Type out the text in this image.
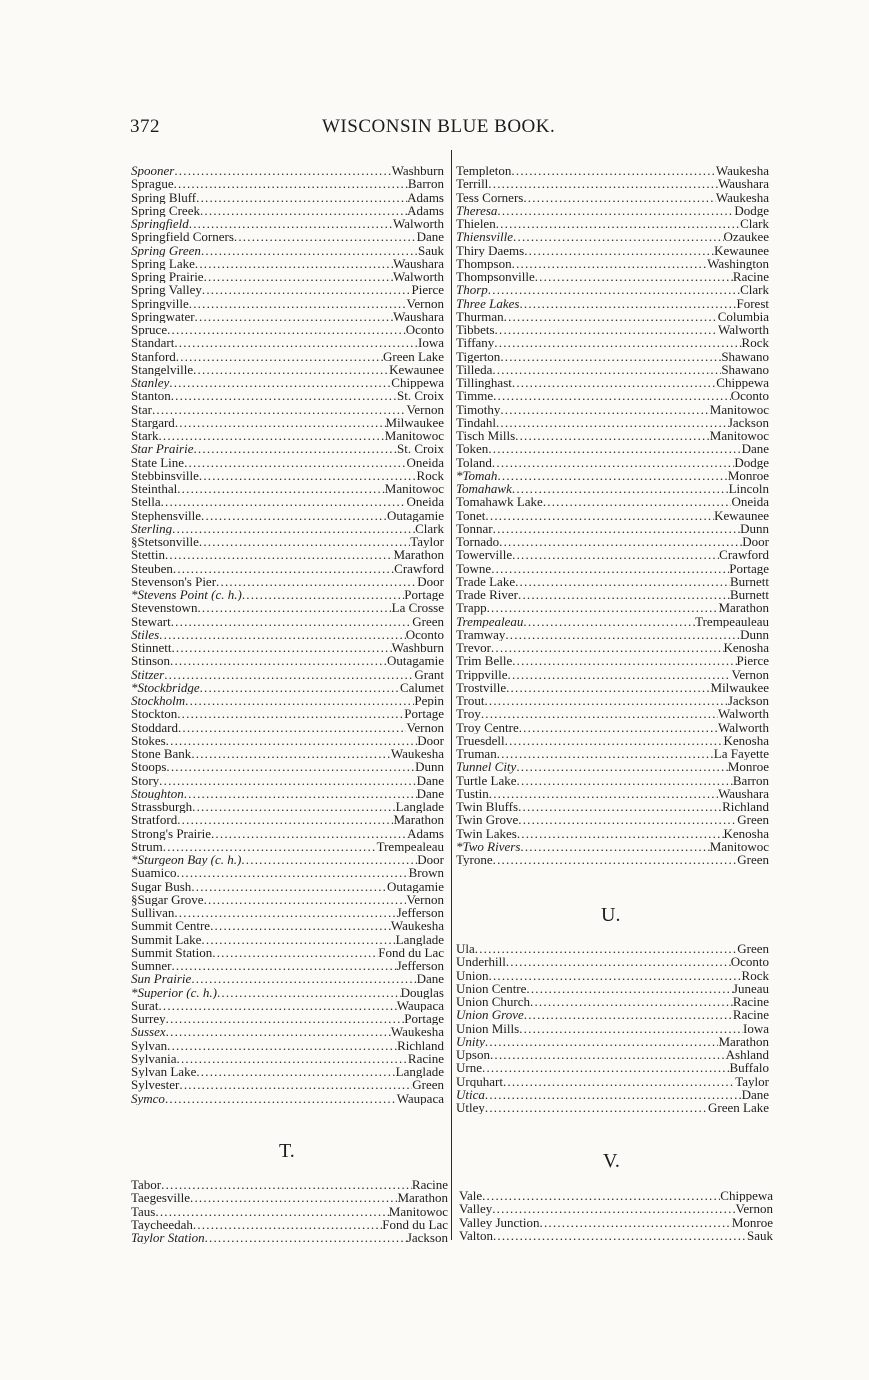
372	WISCONSIN BLUE BOOK.
Spooner .....	Washburn
Sprague .....	Barron
Spring Bluff .....	Adams
Spring Creek .....	Adams
Springfield .....	Walworth
Springfield Corners .....	Dane
Spring Green .....	Sauk
Spring Lake .....	Waushara
Spring Prairie .....	Walworth
Spring Valley .....	Pierce
Springville .....	Vernon
Springwater .....	Waushara
Spruce .....	Oconto
Standart .....	Iowa
Stanford .....	Green Lake
Stangelville .....	Kewaunee
Stanley .....	Chippewa
Stanton .....	St. Croix
Star .....	Vernon
Stargard .....	Milwaukee
Stark .....	Manitowoc
Star Prairie .....	St. Croix
State Line .....	Oneida
Stebbinsville .....	Rock
Steinthal .....	Manitowoc
Stella .....	Oneida
Stephensville .....	Outagamie
Sterling .....	Clark
§Stetsonville .....	Taylor
Stettin .....	Marathon
Steuben .....	Crawford
Stevenson's Pier .....	Door
*Stevens Point (c. h.) .....	Portage
Stevenstown .....	La Crosse
Stewart .....	Green
Stiles .....	Oconto
Stinnett .....	Washburn
Stinson .....	Outagamie
Stitzer .....	Grant
*Stockbridge .....	Calumet
Stockholm .....	Pepin
Stockton .....	Portage
Stoddard .....	Vernon
Stokes .....	Door
Stone Bank .....	Waukesha
Stoops .....	Dunn
Story .....	Dane
Stoughton .....	Dane
Strassburgh .....	Langlade
Stratford .....	Marathon
Strong's Prairie .....	Adams
Strum .....	Trempealeau
*Sturgeon Bay (c. h.) .....	Door
Suamico .....	Brown
Sugar Bush .....	Outagamie
§Sugar Grove .....	Vernon
Sullivan .....	Jefferson
Summit Centre .....	Waukesha
Summit Lake .....	Langlade
Summit Station .....	Fond du Lac
Sumner .....	Jefferson
Sun Prairie .....	Dane
*Superior (c. h.) .....	Douglas
Surat .....	Waupaca
Surrey .....	Portage
Sussex .....	Waukesha
Sylvan .....	Richland
Sylvania .....	Racine
Sylvan Lake .....	Langlade
Sylvester .....	Green
Symco .....	Waupaca
T.
Tabor .....	Racine
Taegesville .....	Marathon
Taus .....	Manitowoc
Taycheedah .....	Fond du Lac
Taylor Station .....	Jackson
Templeton .....	Waukesha
Terrill .....	Waushara
Tess Corners .....	Waukesha
Theresa .....	Dodge
Thielen .....	Clark
Thiensville .....	Ozaukee
Thiry Daems .....	Kewaunee
Thompson .....	Washington
Thompsonville .....	Racine
Thorp .....	Clark
Three Lakes .....	Forest
Thurman .....	Columbia
Tibbets .....	Walworth
Tiffany .....	Rock
Tigerton .....	Shawano
Tilleda .....	Shawano
Tillinghast .....	Chippewa
Timme .....	Oconto
Timothy .....	Manitowoc
Tindahl .....	Jackson
Tisch Mills .....	Manitowoc
Token .....	Dane
Toland .....	Dodge
*Tomah .....	Monroe
Tomahawk .....	Lincoln
Tomahawk Lake .....	Oneida
Tonet .....	Kewaunee
Tonnar .....	Dunn
Tornado .....	Door
Towerville .....	Crawford
Towne .....	Portage
Trade Lake .....	Burnett
Trade River .....	Burnett
Trapp .....	Marathon
Trempealeau .....	Trempeauleau
Tramway .....	Dunn
Trevor .....	Kenosha
Trim Belle .....	Pierce
Trippville .....	Vernon
Trostville .....	Milwaukee
Trout .....	Jackson
Troy .....	Walworth
Troy Centre .....	Walworth
Truesdell .....	Kenosha
Truman .....	La Fayette
Tunnel City .....	Monroe
Turtle Lake .....	Barron
Tustin .....	Waushara
Twin Bluffs .....	Richland
Twin Grove .....	Green
Twin Lakes .....	Kenosha
*Two Rivers .....	Manitowoc
Tyrone .....	Green
U.
Ula .....	Green
Underhill .....	Oconto
Union .....	Rock
Union Centre .....	Juneau
Union Church .....	Racine
Union Grove .....	Racine
Union Mills .....	Iowa
Unity .....	Marathon
Upson .....	Ashland
Urne .....	Buffalo
Urquhart .....	Taylor
Utica .....	Dane
Utley .....	Green Lake
V.
Vale .....	Chippewa
Valley .....	Vernon
Valley Junction .....	Monroe
Valton .....	Sauk
